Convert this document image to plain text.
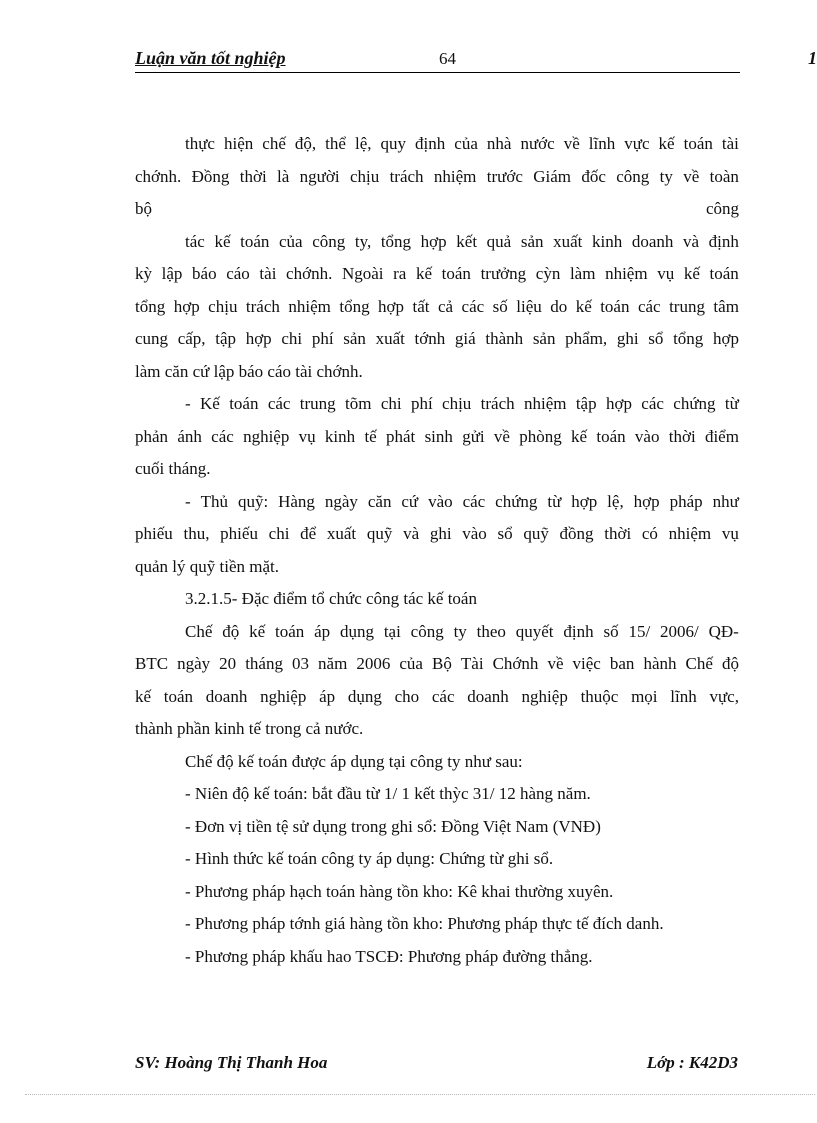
Luận văn tốt nghiệp	64	1
thực hiện chế độ, thể lệ, quy định của nhà nước về lĩnh vực kế toán tài
chớnh. Đồng thời là người chịu trách nhiệm trước Giám đốc công ty về toàn
bộ	công
tác kế toán của công ty, tổng hợp kết quả sản xuất kinh doanh và định
kỳ lập báo cáo tài chớnh. Ngoài ra kế toán trưởng cỳn làm nhiệm vụ kế toán
tổng hợp chịu trách nhiệm tổng hợp tất cả các số liệu do kế toán các trung tâm
cung cấp, tập hợp chi phí sản xuất tớnh giá thành sản phẩm, ghi sổ tổng hợp
làm căn cứ lập báo cáo tài chớnh.
- Kế toán các trung tõm chi phí chịu trách nhiệm tập hợp các chứng từ
phản ánh các nghiệp vụ kinh tế phát sinh gửi về phòng kế toán vào thời điểm
cuối tháng.
- Thủ quỹ: Hàng ngày căn cứ vào các chứng từ hợp lệ, hợp pháp như
phiếu thu, phiếu chi để xuất quỹ và ghi vào sổ quỹ đồng thời có nhiệm vụ
quản lý quỹ tiền mặt.
3.2.1.5- Đặc điểm tổ chức công tác kế toán
Chế độ kế toán áp dụng tại công ty theo quyết định số 15/ 2006/ QĐ-
BTC ngày 20 tháng 03 năm 2006 của Bộ Tài Chớnh về việc ban hành Chế độ
kế toán doanh nghiệp áp dụng cho các doanh nghiệp thuộc mọi lĩnh vực,
thành phần kinh tế trong cả nước.
Chế độ kế toán được áp dụng tại công ty như sau:
- Niên độ kế toán: bắt đầu từ 1/ 1 kết thỳc 31/ 12 hàng năm.
- Đơn vị tiền tệ sử dụng trong ghi sổ: Đồng Việt Nam (VNĐ)
- Hình thức kế toán công ty áp dụng: Chứng từ ghi sổ.
- Phương pháp hạch toán hàng tồn kho: Kê khai thường xuyên.
- Phương pháp tớnh giá hàng tồn kho: Phương pháp thực tế đích danh.
- Phương pháp khấu hao TSCĐ: Phương pháp đường thẳng.
SV: Hoàng Thị Thanh Hoa	Lớp : K42D3
